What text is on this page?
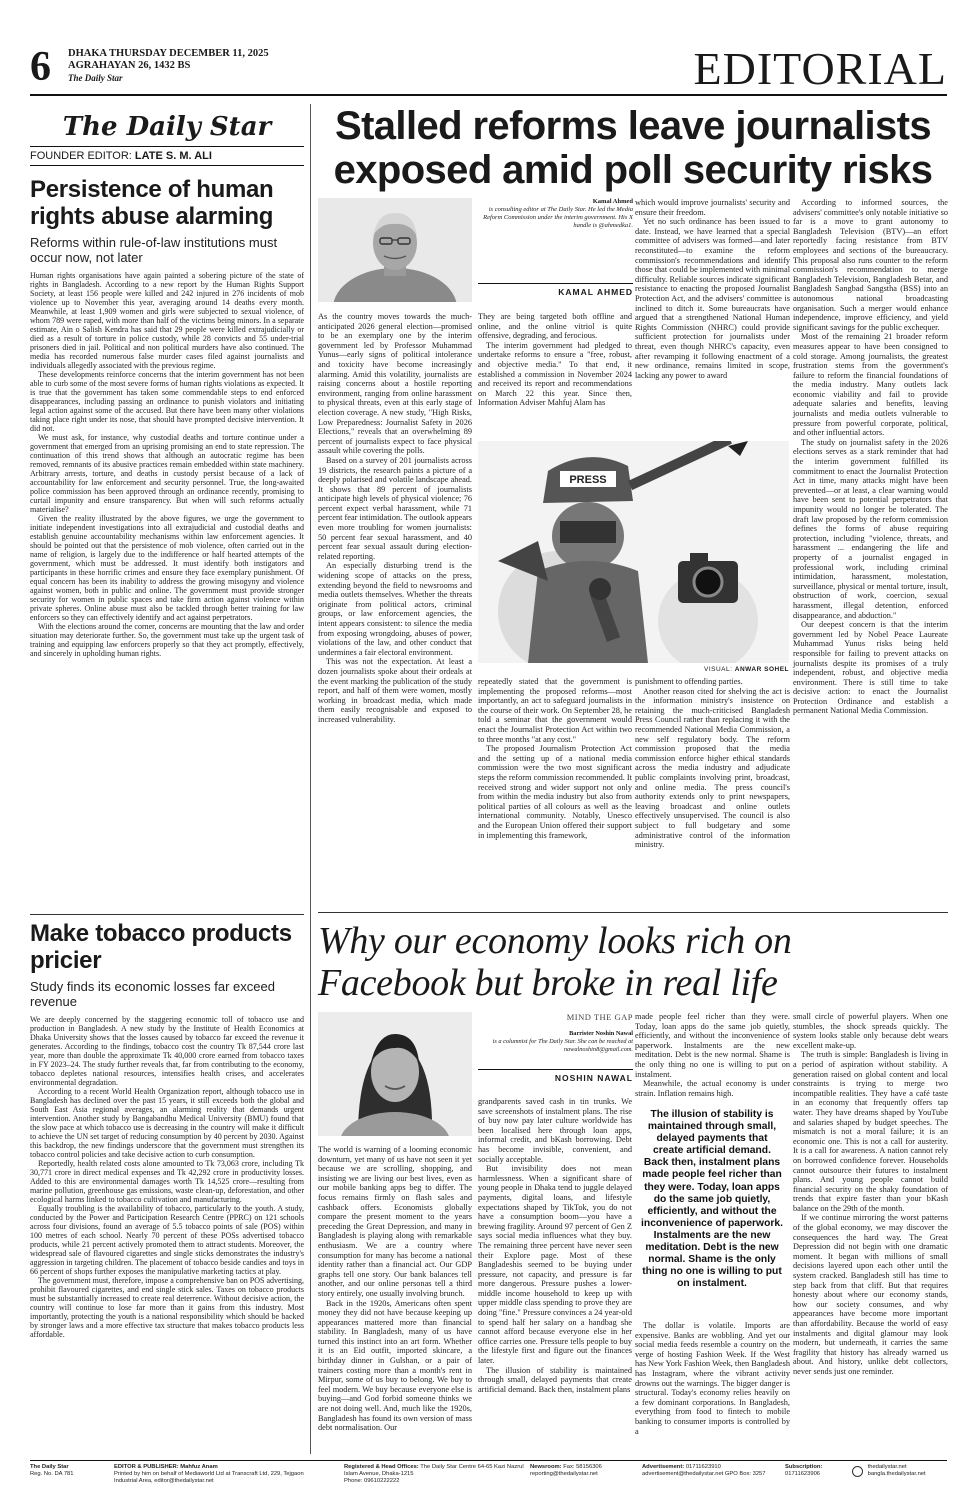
6 DHAKA THURSDAY DECEMBER 11, 2025
AGRAHAYAN 26, 1432 BS
The Daily Star	EDITORIAL
The Daily Star
FOUNDER EDITOR: LATE S. M. ALI
Persistence of human rights abuse alarming
Reforms within rule-of-law institutions must occur now, not later

Human rights organisations have again painted a sobering picture of the state of rights in Bangladesh. According to a new report by the Human Rights Support Society, at least 156 people were killed and 242 injured in 276 incidents of mob violence up to November this year, averaging around 14 deaths every month. Meanwhile, at least 1,909 women and girls were subjected to sexual violence, of whom 789 were raped, with more than half of the victims being minors. In a separate estimate, Ain o Salish Kendra has said that 29 people were killed extrajudicially or died as a result of torture in police custody, while 28 convicts and 55 under-trial prisoners died in jail. Political and non political murders have also continued. The media has recorded numerous false murder cases filed against journalists and individuals allegedly associated with the previous regime.

These developments reinforce concerns that the interim government has not been able to curb some of the most severe forms of human rights violations as expected. It is true that the government has taken some commendable steps to end enforced disappearances, including passing an ordinance to punish violators and initiating legal action against some of the accused. But there have been many other violations taking place right under its nose, that should have prompted decisive intervention. It did not.

We must ask, for instance, why custodial deaths and torture continue under a government that emerged from an uprising promising an end to state repression. The continuation of this trend shows that although an autocratic regime has been removed, remnants of its abusive practices remain embedded within state machinery. Arbitrary arrests, torture, and deaths in custody persist because of a lack of accountability for law enforcement and security personnel. True, the long-awaited police commission has been approved through an ordinance recently, promising to curtail impunity and ensure transparency. But when will such reforms actually materialise?

Given the reality illustrated by the above figures, we urge the government to initiate independent investigations into all extrajudicial and custodial deaths and establish genuine accountability mechanisms within law enforcement agencies. It should be pointed out that the persistence of mob violence, often carried out in the name of religion, is largely due to the indifference or half hearted attempts of the government, which must be addressed. It must identify both instigators and participants in these horrific crimes and ensure they face exemplary punishment. Of equal concern has been its inability to address the growing misogyny and violence against women, both in public and online. The government must provide stronger security for women in public spaces and take firm action against violence within private spheres. Online abuse must also be tackled through better training for law enforcers so they can effectively identify and act against perpetrators.

With the elections around the corner, concerns are mounting that the law and order situation may deteriorate further. So, the government must take up the urgent task of training and equipping law enforcers properly so that they act promptly, effectively, and sincerely in upholding human rights.

Make tobacco products pricier
Study finds its economic losses far exceed revenue

We are deeply concerned by the staggering economic toll of tobacco use and production in Bangladesh. A new study by the Institute of Health Economics at Dhaka University shows that the losses caused by tobacco far exceed the revenue it generates. According to the findings, tobacco cost the country Tk 87,544 crore last year, more than double the approximate Tk 40,000 crore earned from tobacco taxes in FY 2023–24. The study further reveals that, far from contributing to the economy, tobacco depletes national resources, intensifies health crises, and accelerates environmental degradation.

According to a recent World Health Organization report, although tobacco use in Bangladesh has declined over the past 15 years, it still exceeds both the global and South East Asia regional averages, an alarming reality that demands urgent intervention. Another study by Bangabandhu Medical University (BMU) found that the slow pace at which tobacco use is decreasing in the country will make it difficult to achieve the UN set target of reducing consumption by 40 percent by 2030. Against this backdrop, the new findings underscore that the government must strengthen its tobacco control policies and take decisive action to curb consumption.

Reportedly, health related costs alone amounted to Tk 73,063 crore, including Tk 30,771 crore in direct medical expenses and Tk 42,292 crore in productivity losses. Added to this are environmental damages worth Tk 14,525 crore—resulting from marine pollution, greenhouse gas emissions, waste clean-up, deforestation, and other ecological harms linked to tobacco cultivation and manufacturing.

Equally troubling is the availability of tobacco, particularly to the youth. A study, conducted by the Power and Participation Research Centre (PPRC) on 121 schools across four divisions, found an average of 5.5 tobacco points of sale (POS) within 100 metres of each school. Nearly 70 percent of these POSs advertised tobacco products, while 21 percent actively promoted them to attract students. Moreover, the widespread sale of flavoured cigarettes and single sticks demonstrates the industry's aggression in targeting children. The placement of tobacco beside candies and toys in 66 percent of shops further exposes the manipulative marketing tactics at play.

The government must, therefore, impose a comprehensive ban on POS advertising, prohibit flavoured cigarettes, and end single stick sales. Taxes on tobacco products must be substantially increased to create real deterrence. Without decisive action, the country will continue to lose far more than it gains from this industry. Most importantly, protecting the youth is a national responsibility which should be backed by stronger laws and a more effective tax structure that makes tobacco products less affordable.

Stalled reforms leave journalists exposed amid poll security risks
Kamal Ahmed
is consulting editor at The Daily Star. He led the Media Reform Commission under the interim government. His X handle is @ahmedka1.
KAMAL AHMED

As the country moves towards the much-anticipated 2026 general election—promised to be an exemplary one by the interim government led by Professor Muhammad Yunus—early signs of political intolerance and toxicity have become increasingly alarming. Amid this volatility, journalists are raising concerns about a hostile reporting environment, ranging from online harassment to physical threats, even at this early stage of election coverage. A new study, "High Risks, Low Preparedness: Journalist Safety in 2026 Elections," reveals that an overwhelming 89 percent of journalists expect to face physical assault while covering the polls.

Based on a survey of 201 journalists across 19 districts, the research paints a picture of a deeply polarised and volatile landscape ahead. It shows that 89 percent of journalists anticipate high levels of physical violence; 76 percent expect verbal harassment, while 71 percent fear intimidation. The outlook appears even more troubling for women journalists: 50 percent fear sexual harassment, and 40 percent fear sexual assault during election-related reporting.

An especially disturbing trend is the widening scope of attacks on the press, extending beyond the field to newsrooms and media outlets themselves. Whether the threats originate from political actors, criminal groups, or law enforcement agencies, the intent appears consistent: to silence the media from exposing wrongdoing, abuses of power, violations of the law, and other conduct that undermines a fair electoral environment.

This was not the expectation. At least a dozen journalists spoke about their ordeals at the event marking the publication of the study report, and half of them were women, mostly working in broadcast media, which made them easily recognisable and exposed to increased vulnerability.

They are being targeted both offline and online, and the online vitriol is quite offensive, degrading, and ferocious.

The interim government had pledged to undertake reforms to ensure a "free, robust, and objective media." To that end, it established a commission in November 2024 and received its report and recommendations on March 22 this year. Since then, Information Adviser Mahfuj Alam has

which would improve journalists' security and ensure their freedom.

Yet no such ordinance has been issued to date. Instead, we have learned that a special committee of advisers was formed—and later reconstituted—to examine the reform commission's recommendations and identify those that could be implemented with minimal difficulty. Reliable sources indicate significant resistance to enacting the proposed Journalist Protection Act, and the advisers' committee is inclined to ditch it. Some bureaucrats have argued that a strengthened National Human Rights Commission (NHRC) could provide sufficient protection for journalists under threat, even though NHRC's capacity, even after revamping it following enactment of a new ordinance, remains limited in scope, lacking any power to award

PRESS
VISUAL: ANWAR SOHEL

repeatedly stated that the government is implementing the proposed reforms—most importantly, an act to safeguard journalists in the course of their work. On September 28, he told a seminar that the government would enact the Journalist Protection Act within two to three months "at any cost."

The proposed Journalism Protection Act and the setting up of a national media commission were the two most significant steps the reform commission recommended. It received strong and wider support not only from within the media industry but also from political parties of all colours as well as the international community. Notably, Unesco and the European Union offered their support in implementing this framework,

punishment to offending parties.

Another reason cited for shelving the act is the information ministry's insistence on retaining the much-criticised Bangladesh Press Council rather than replacing it with the recommended National Media Commission, a new self regulatory body. The reform commission proposed that the media commission enforce higher ethical standards across the media industry and adjudicate public complaints involving print, broadcast, and online media. The press council's authority extends only to print newspapers, leaving broadcast and online outlets effectively unsupervised. The council is also subject to full budgetary and some administrative control of the information ministry.

According to informed sources, the advisers' committee's only notable initiative so far is a move to grant autonomy to Bangladesh Television (BTV)—an effort reportedly facing resistance from BTV employees and sections of the bureaucracy. This proposal also runs counter to the reform commission's recommendation to merge Bangladesh Television, Bangladesh Betar, and Bangladesh Sangbad Sangstha (BSS) into an autonomous national broadcasting organisation. Such a merger would enhance independence, improve efficiency, and yield significant savings for the public exchequer.

Most of the remaining 21 broader reform measures appear to have been consigned to cold storage. Among journalists, the greatest frustration stems from the government's failure to reform the financial foundations of the media industry. Many outlets lack economic viability and fail to provide adequate salaries and benefits, leaving journalists and media outlets vulnerable to pressure from powerful corporate, political, and other influential actors.

The study on journalist safety in the 2026 elections serves as a stark reminder that had the interim government fulfilled its commitment to enact the Journalist Protection Act in time, many attacks might have been prevented—or at least, a clear warning would have been sent to potential perpetrators that impunity would no longer be tolerated. The draft law proposed by the reform commission defines the forms of abuse requiring protection, including "violence, threats, and harassment ... endangering the life and property of a journalist engaged in professional work, including criminal intimidation, harassment, molestation, surveillance, physical or mental torture, insult, obstruction of work, coercion, sexual harassment, illegal detention, enforced disappearance, and abduction."

Our deepest concern is that the interim government led by Nobel Peace Laureate Muhammad Yunus risks being held responsible for failing to prevent attacks on journalists despite its promises of a truly independent, robust, and objective media environment. There is still time to take decisive action: to enact the Journalist Protection Ordinance and establish a permanent National Media Commission.

Why our economy looks rich on Facebook but broke in real life
MIND THE GAP
Barrister Noshin Nawal
is a columnist for The Daily Star. She can be reached at nawalnoshin8@gmail.com.
NOSHIN NAWAL

The world is warning of a looming economic downturn, yet many of us have not seen it yet because we are scrolling, shopping, and insisting we are living our best lives, even as our mobile banking apps beg to differ. The focus remains firmly on flash sales and cashback offers. Economists globally compare the present moment to the years preceding the Great Depression, and many in Bangladesh is playing along with remarkable enthusiasm. We are a country where consumption for many has become a national identity rather than a financial act. Our GDP graphs tell one story. Our bank balances tell another, and our online personas tell a third story entirely, one usually involving brunch.

Back in the 1920s, Americans often spent money they did not have because keeping up appearances mattered more than financial stability. In Bangladesh, many of us have turned this instinct into an art form. Whether it is an Eid outfit, imported skincare, a birthday dinner in Gulshan, or a pair of trainers costing more than a month's rent in Mirpur, some of us buy to belong. We buy to feel modern. We buy because everyone else is buying—and God forbid someone thinks we are not doing well. And, much like the 1920s, Bangladesh has found its own version of mass debt normalisation. Our

grandparents saved cash in tin trunks. We save screenshots of instalment plans. The rise of buy now pay later culture worldwide has been localised here through loan apps, informal credit, and bKash borrowing. Debt has become invisible, convenient, and socially acceptable.

But invisibility does not mean harmlessness. When a significant share of young people in Dhaka tend to juggle delayed payments, digital loans, and lifestyle expectations shaped by TikTok, you do not have a consumption boom—you have a brewing fragility. Around 97 percent of Gen Z says social media influences what they buy. The remaining three percent have never seen their Explore page. Most of these Bangladeshis seemed to be buying under pressure, not capacity, and pressure is far more dangerous. Pressure pushes a lower-middle income household to keep up with upper middle class spending to prove they are doing "fine." Pressure convinces a 24 year-old to spend half her salary on a handbag she cannot afford because everyone else in her office carries one. Pressure tells people to buy the lifestyle first and figure out the finances later.

The illusion of stability is maintained through small, delayed payments that create artificial demand. Back then, instalment plans

made people feel richer than they were. Today, loan apps do the same job quietly, efficiently, and without the inconvenience of paperwork. Instalments are the new meditation. Debt is the new normal. Shame is the only thing no one is willing to put on instalment.

Meanwhile, the actual economy is under strain. Inflation remains high.

The illusion of stability is maintained through small, delayed payments that create artificial demand. Back then, instalment plans made people feel richer than they were. Today, loan apps do the same job quietly, efficiently, and without the inconvenience of paperwork. Instalments are the new meditation. Debt is the new normal. Shame is the only thing no one is willing to put on instalment.

The dollar is volatile. Imports are expensive. Banks are wobbling. And yet our social media feeds resemble a country on the verge of hosting Fashion Week. If the West has New York Fashion Week, then Bangladesh has Instagram, where the vibrant activity drowns out the warnings. The bigger danger is structural. Today's economy relies heavily on a few dominant corporations. In Bangladesh, everything from food to fintech to mobile banking to consumer imports is controlled by a

small circle of powerful players. When one stumbles, the shock spreads quickly. The system looks stable only because debt wears excellent make-up.

The truth is simple: Bangladesh is living in a period of aspiration without stability. A generation raised on global content and local constraints is trying to merge two incompatible realities. They have a café taste in an economy that frequently offers tap water. They have dreams shaped by YouTube and salaries shaped by budget speeches. The mismatch is not a moral failure; it is an economic one. This is not a call for austerity. It is a call for awareness. A nation cannot rely on borrowed confidence forever. Households cannot outsource their futures to instalment plans. And young people cannot build financial security on the shaky foundation of trends that expire faster than your bKash balance on the 29th of the month.

If we continue mirroring the worst patterns of the global economy, we may discover the consequences the hard way. The Great Depression did not begin with one dramatic moment. It began with millions of small decisions layered upon each other until the system cracked. Bangladesh still has time to step back from that cliff. But that requires honesty about where our economy stands, how our society consumes, and why appearances have become more important than affordability. Because the world of easy instalments and digital glamour may look modern, but underneath, it carries the same fragility that history has already warned us about. And history, unlike debt collectors, never sends just one reminder.

The Daily Star
Reg. No. DA 781
EDITOR & PUBLISHER: Mahfuz Anam
Printed by him on behalf of Mediaworld Ltd at Transcraft Ltd, 229, Tejgaon Industrial Area, editor@thedailystar.net
Registered & Head Offices: The Daily Star Centre 64-65 Kazi Nazrul Islam Avenue, Dhaka-1215
Phone: 09610222222
Newsroom: Fax: 58156306 reporting@thedailystar.net
Advertisement: 01711623910 advertisement@thedailystar.net GPO Box: 3257
Subscription:
01711623906
thedailystar.net
bangla.thedailystar.net
